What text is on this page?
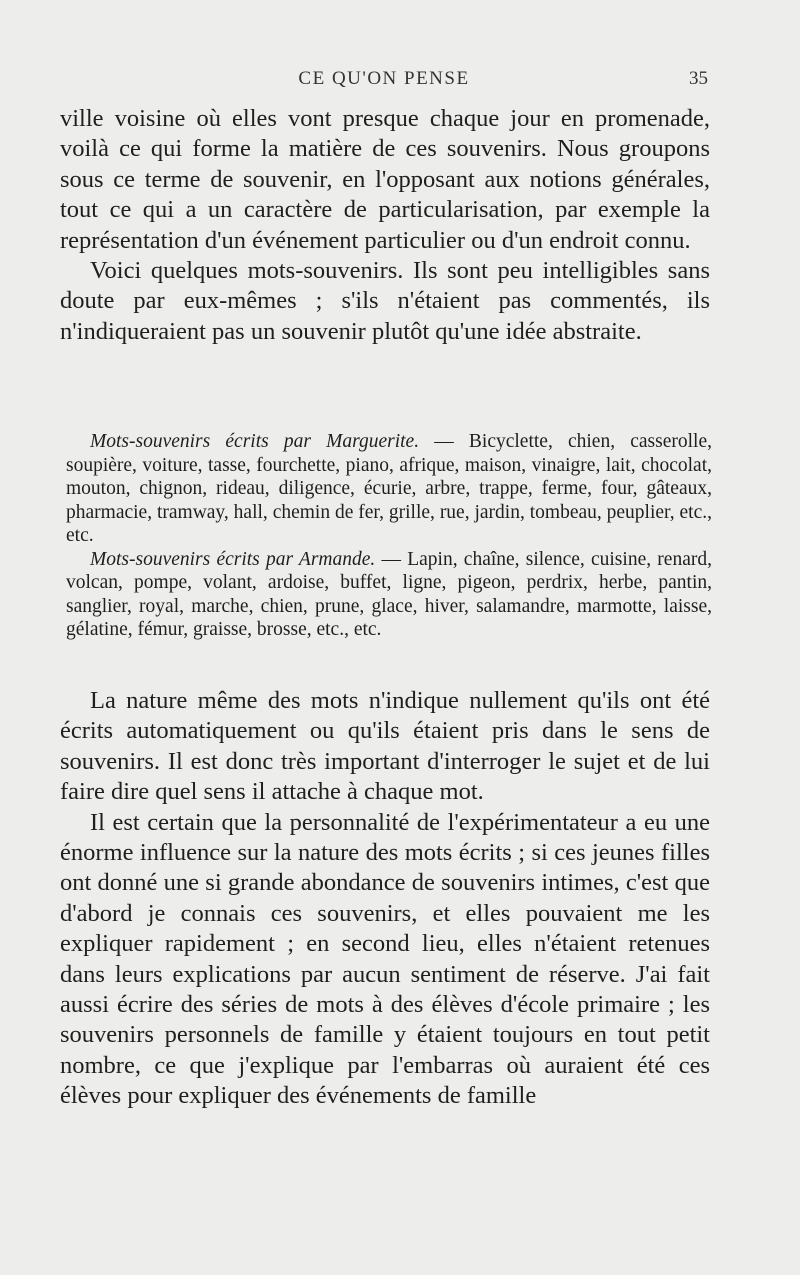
CE QU'ON PENSE	35

ville voisine où elles vont presque chaque jour en promenade, voilà ce qui forme la matière de ces souvenirs. Nous groupons sous ce terme de souvenir, en l'opposant aux notions générales, tout ce qui a un caractère de particularisation, par exemple la représentation d'un événement particulier ou d'un endroit connu.

Voici quelques mots-souvenirs. Ils sont peu intelligibles sans doute par eux-mêmes ; s'ils n'étaient pas commentés, ils n'indiqueraient pas un souvenir plutôt qu'une idée abstraite.

Mots-souvenirs écrits par Marguerite. — Bicyclette, chien, casserolle, soupière, voiture, tasse, fourchette, piano, afrique, maison, vinaigre, lait, chocolat, mouton, chignon, rideau, diligence, écurie, arbre, trappe, ferme, four, gâteaux, pharmacie, tramway, hall, chemin de fer, grille, rue, jardin, tombeau, peuplier, etc., etc.

Mots-souvenirs écrits par Armande. — Lapin, chaîne, silence, cuisine, renard, volcan, pompe, volant, ardoise, buffet, ligne, pigeon, perdrix, herbe, pantin, sanglier, royal, marche, chien, prune, glace, hiver, salamandre, marmotte, laisse, gélatine, fémur, graisse, brosse, etc., etc.

La nature même des mots n'indique nullement qu'ils ont été écrits automatiquement ou qu'ils étaient pris dans le sens de souvenirs. Il est donc très important d'interroger le sujet et de lui faire dire quel sens il attache à chaque mot.

Il est certain que la personnalité de l'expérimentateur a eu une énorme influence sur la nature des mots écrits ; si ces jeunes filles ont donné une si grande abondance de souvenirs intimes, c'est que d'abord je connais ces souvenirs, et elles pouvaient me les expliquer rapidement ; en second lieu, elles n'étaient retenues dans leurs explications par aucun sentiment de réserve. J'ai fait aussi écrire des séries de mots à des élèves d'école primaire ; les souvenirs personnels de famille y étaient toujours en tout petit nombre, ce que j'explique par l'embarras où auraient été ces élèves pour expliquer des événements de famille
